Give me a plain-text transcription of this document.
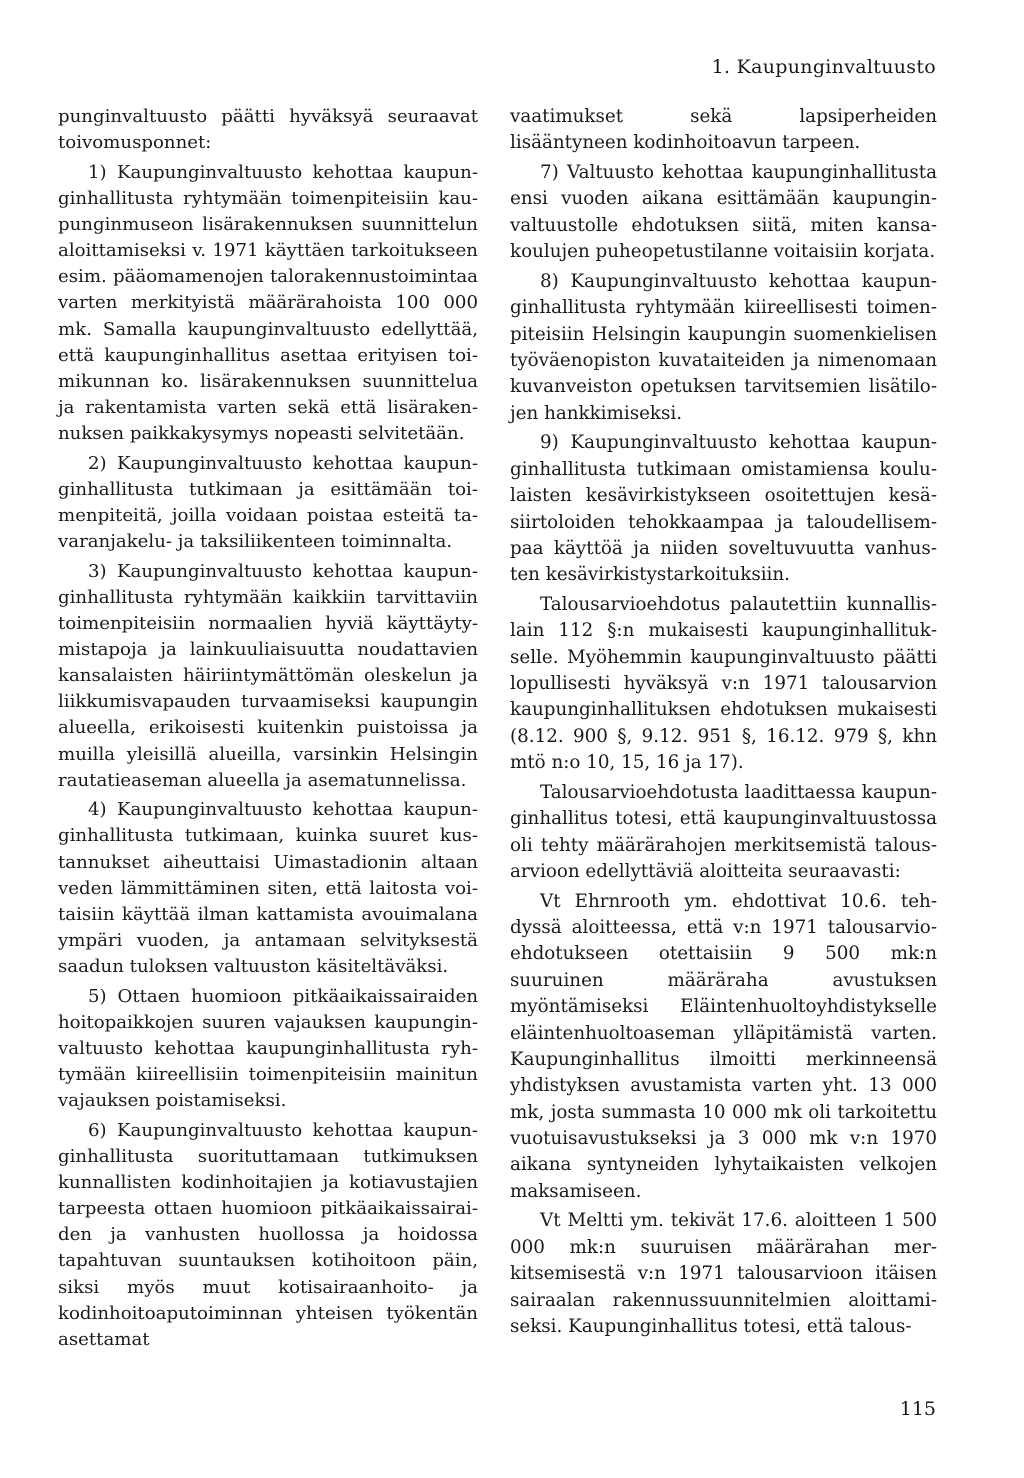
1. Kaupunginvaltuusto

punginvaltuusto päätti hyväksyä seuraavat toivomusponnet:

1) Kaupunginvaltuusto kehottaa kaupunginhallitusta ryhtymään toimenpiteisiin kaupunginmuseon lisärakennuksen suunnittelun aloittamiseksi v. 1971 käyttäen tarkoitukseen esim. pääomamenojen talorakennustoimintaa varten merkityistä määrärahoista 100 000 mk. Samalla kaupunginvaltuusto edellyttää, että kaupunginhallitus asettaa erityisen toimikunnan ko. lisärakennuksen suunnittelua ja rakentamista varten sekä että lisärakennuksen paikkakysymys nopeasti selvitetään.

2) Kaupunginvaltuusto kehottaa kaupunginhallitusta tutkimaan ja esittämään toimenpiteitä, joilla voidaan poistaa esteitä tavaranjakelu- ja taksiliikenteen toiminnalta.

3) Kaupunginvaltuusto kehottaa kaupunginhallitusta ryhtymään kaikkiin tarvittaviin toimenpiteisiin normaalien hyviä käyttäytymistapoja ja lainkuuliaisuutta noudattavien kansalaisten häiriintymättömän oleskelun ja liikkumisvapauden turvaamiseksi kaupungin alueella, erikoisesti kuitenkin puistoissa ja muilla yleisillä alueilla, varsinkin Helsingin rautatieaseman alueella ja asematunnelissa.

4) Kaupunginvaltuusto kehottaa kaupunginhallitusta tutkimaan, kuinka suuret kustannukset aiheuttaisi Uimastadionin altaan veden lämmittäminen siten, että laitosta voitaisiin käyttää ilman kattamista avouimalana ympäri vuoden, ja antamaan selvityksestä saadun tuloksen valtuuston käsiteltäväksi.

5) Ottaen huomioon pitkäaikaissairaiden hoitopaikkojen suuren vajauksen kaupunginvaltuusto kehottaa kaupunginhallitusta ryhtymään kiireellisiin toimenpiteisiin mainitun vajauksen poistamiseksi.

6) Kaupunginvaltuusto kehottaa kaupunginhallitusta suorituttamaan tutkimuksen kunnallisten kodinhoitajien ja kotiavustajien tarpeesta ottaen huomioon pitkäaikaissairaiden ja vanhusten huollossa ja hoidossa tapahtuvan suuntauksen kotihoitoon päin, siksi myös muut kotisairaanhoito- ja kodinhoitoaputoiminnan yhteisen työkentän asettamat

vaatimukset sekä lapsiperheiden lisääntyneen kodinhoitoavun tarpeen.

7) Valtuusto kehottaa kaupunginhallitusta ensi vuoden aikana esittämään kaupunginvaltuustolle ehdotuksen siitä, miten kansakoulujen puheopetustilanne voitaisiin korjata.

8) Kaupunginvaltuusto kehottaa kaupunginhallitusta ryhtymään kiireellisesti toimenpiteisiin Helsingin kaupungin suomenkielisen työväenopiston kuvataiteiden ja nimenomaan kuvanveiston opetuksen tarvitsemien lisätilojen hankkimiseksi.

9) Kaupunginvaltuusto kehottaa kaupunginhallitusta tutkimaan omistamiensa koululaisten kesävirkistykseen osoitettujen kesäsiirtoloiden tehokkaampaa ja taloudellisempaa käyttöä ja niiden soveltuvuutta vanhusten kesävirkistystarkoituksiin.

Talousarvioehdotus palautettiin kunnallislain 112 §:n mukaisesti kaupunginhallitukselle. Myöhemmin kaupunginvaltuusto päätti lopullisesti hyväksyä v:n 1971 talousarvion kaupunginhallituksen ehdotuksen mukaisesti (8.12. 900 §, 9.12. 951 §, 16.12. 979 §, khn mtö n:o 10, 15, 16 ja 17).

Talousarvioehdotusta laadittaessa kaupunginhallitus totesi, että kaupunginvaltuustossa oli tehty määrärahojen merkitsemistä talousarvioon edellyttäviä aloitteita seuraavasti:

Vt Ehrnrooth ym. ehdottivat 10.6. tehdyssä aloitteessa, että v:n 1971 talousarvioehdotukseen otettaisiin 9 500 mk:n suuruinen määräraha avustuksen myöntämiseksi Eläintenhuoltoyhdistykselle eläintenhuoltoaseman ylläpitämistä varten. Kaupunginhallitus ilmoitti merkinneensä yhdistyksen avustamista varten yht. 13 000 mk, josta summasta 10 000 mk oli tarkoitettu vuotuisavustukseksi ja 3 000 mk v:n 1970 aikana syntyneiden lyhytaikaisten velkojen maksamiseen.

Vt Meltti ym. tekivät 17.6. aloitteen 1 500 000 mk:n suuruisen määrärahan merkitsemisestä v:n 1971 talousarvioon itäisen sairaalan rakennussuunnitelmien aloittamiseksi. Kaupunginhallitus totesi, että talous-

115
